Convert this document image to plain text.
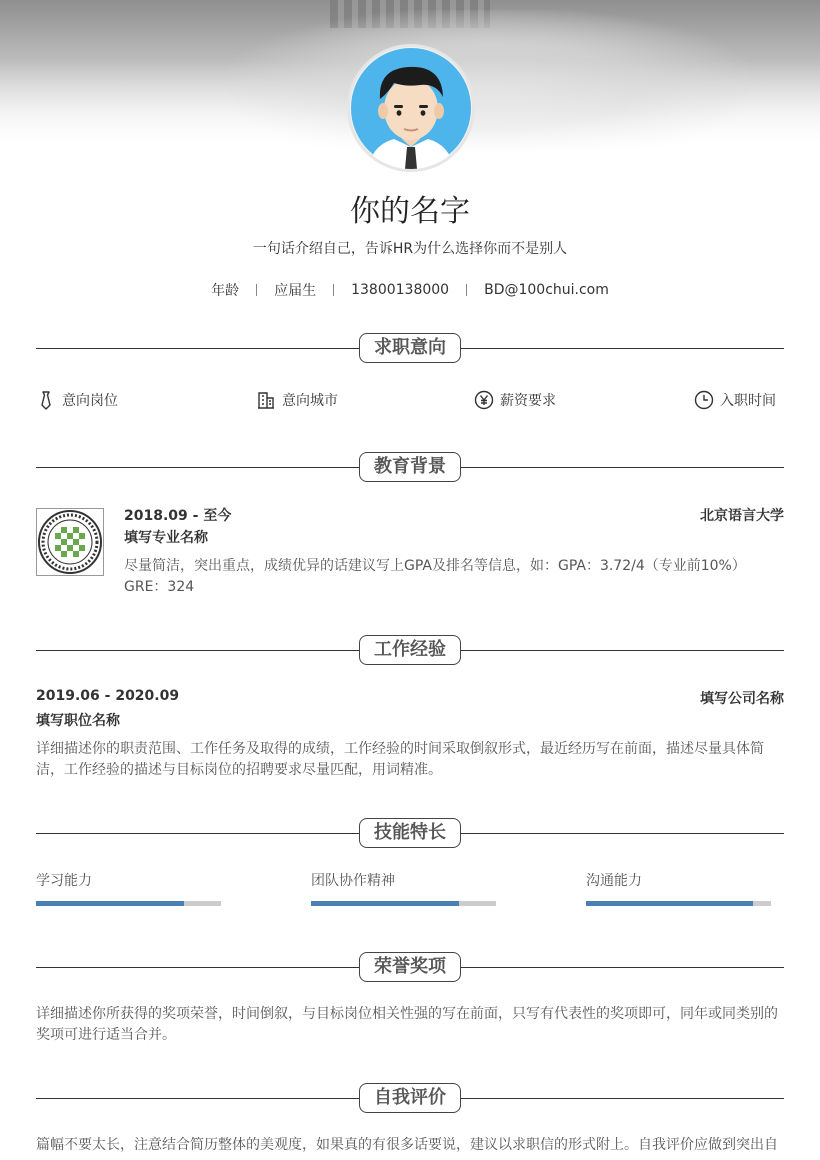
你的名字
一句话介绍自己，告诉HR为什么选择你而不是别人
年龄	应届生	13800138000	BD@100chui.com
求职意向
意向岗位	意向城市	薪资要求	入职时间
教育背景
2018.09 - 至今	北京语言大学
填写专业名称
尽量简洁，突出重点，成绩优异的话建议写上GPA及排名等信息，如：GPA：3.72/4（专业前10%） GRE：324
工作经验
2019.06 - 2020.09	填写公司名称
填写职位名称
详细描述你的职责范围、工作任务及取得的成绩，工作经验的时间采取倒叙形式，最近经历写在前面，描述尽量具体简洁，工作经验的描述与目标岗位的招聘要求尽量匹配，用词精准。
技能特长
学习能力	团队协作精神	沟通能力
荣誉奖项
详细描述你所获得的奖项荣誉，时间倒叙，与目标岗位相关性强的写在前面，只写有代表性的奖项即可，同年或同类别的奖项可进行适当合并。
自我评价
篇幅不要太长，注意结合简历整体的美观度，如果真的有很多话要说，建议以求职信的形式附上。自我评价应做到突出自
